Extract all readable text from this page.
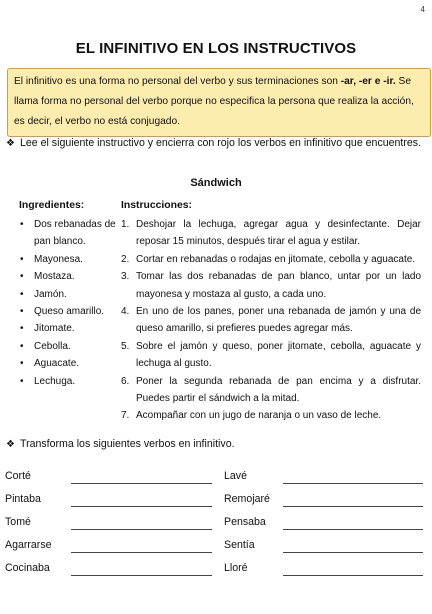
4
EL INFINITIVO EN LOS INSTRUCTIVOS
El infinitivo es una forma no personal del verbo y sus terminaciones son -ar, -er e -ir. Se llama forma no personal del verbo porque no especifica la persona que realiza la acción, es decir, el verbo no está conjugado.
❖ Lee el siguiente instructivo y encierra con rojo los verbos en infinitivo que encuentres.
Sándwich
Ingredientes:	Instrucciones:
• Dos rebanadas de pan blanco.
• Mayonesa.
• Mostaza.
• Jamón.
• Queso amarillo.
• Jitomate.
• Cebolla.
• Aguacate.
• Lechuga.
1. Deshojar la lechuga, agregar agua y desinfectante. Dejar reposar 15 minutos, después tirar el agua y estilar.
2. Cortar en rebanadas o rodajas en jitomate, cebolla y aguacate.
3. Tomar las dos rebanadas de pan blanco, untar por un lado mayonesa y mostaza al gusto, a cada uno.
4. En uno de los panes, poner una rebanada de jamón y una de queso amarillo, si prefieres puedes agregar más.
5. Sobre el jamón y queso, poner jitomate, cebolla, aguacate y lechuga al gusto.
6. Poner la segunda rebanada de pan encima y a disfrutar. Puedes partir el sándwich a la mitad.
7. Acompañar con un jugo de naranja o un vaso de leche.
❖ Transforma los siguientes verbos en infinitivo.
Corté	Lavé
Pintaba	Remojaré
Tomé	Pensaba
Agarrarse	Sentía
Cocinaba	Lloré
